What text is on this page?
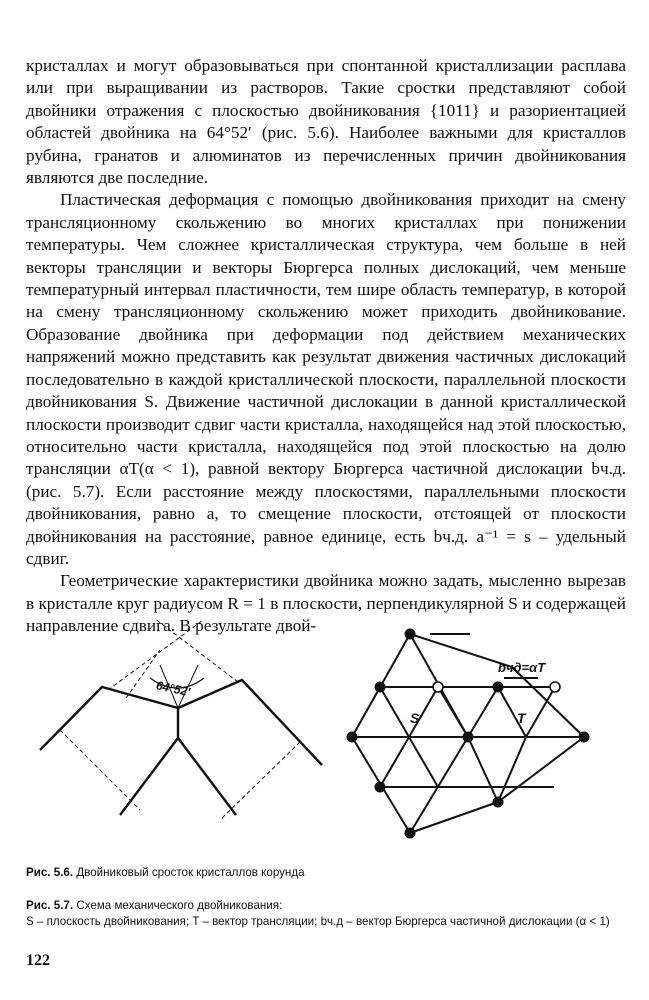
кристаллах и могут образовываться при спонтанной кристаллизации расплава или при выращивании из растворов. Такие сростки представляют собой двойники отражения с плоскостью двойникования {1011} и разориентацией областей двойника на 64°52′ (рис. 5.6). Наиболее важными для кристаллов рубина, гранатов и алюминатов из перечисленных причин двойникования являются две последние.

Пластическая деформация с помощью двойникования приходит на смену трансляционному скольжению во многих кристаллах при понижении температуры. Чем сложнее кристаллическая структура, чем больше в ней векторы трансляции и векторы Бюргерса полных дислокаций, чем меньше температурный интервал пластичности, тем шире область температур, в которой на смену трансляционному скольжению может приходить двойникование. Образование двойника при деформации под действием механических напряжений можно представить как результат движения частичных дислокаций последовательно в каждой кристаллической плоскости, параллельной плоскости двойникования S. Движение частичной дислокации в данной кристаллической плоскости производит сдвиг части кристалла, находящейся над этой плоскостью, относительно части кристалла, находящейся под этой плоскостью на долю трансляции αT(α < 1), равной вектору Бюргерса частичной дислокации bч.д. (рис. 5.7). Если расстояние между плоскостями, параллельными плоскости двойникования, равно a, то смещение плоскости, отстоящей от плоскости двойникования на расстояние, равное единице, есть bч.д. a⁻¹ = s – удельный сдвиг.

Геометрические характеристики двойника можно задать, мысленно вырезав в кристалле круг радиусом R = 1 в плоскости, перпендикулярной S и содержащей направление сдвига. В результате двой-

64°52′
S	T
bчд=αT
Рис. 5.6. Двойниковый сросток кристаллов корунда
Рис. 5.7. Схема механического двойникования:
S – плоскость двойникования; T – вектор трансляции; bч.д – вектор Бюргерса частичной дислокации (α < 1)
122
